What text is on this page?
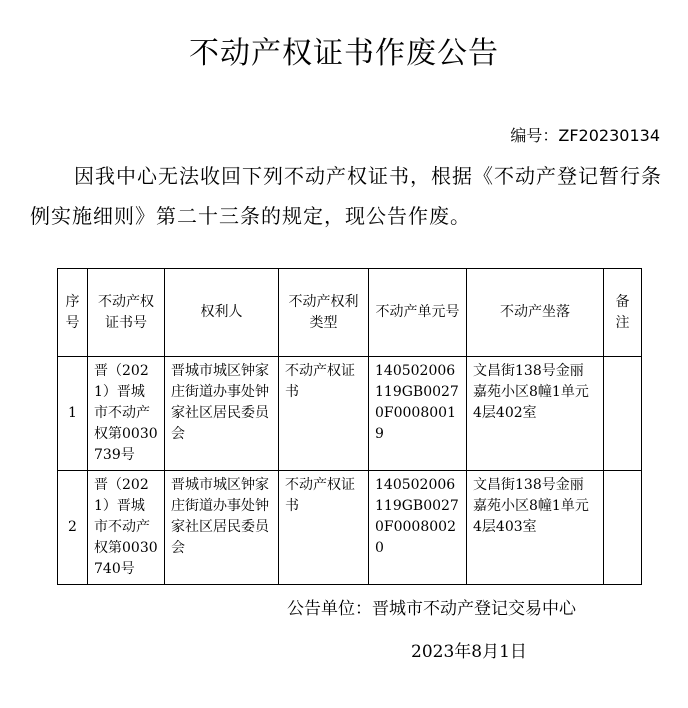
不动产权证书作废公告
编号：ZF20230134
因我中心无法收回下列不动产权证书，根据《不动产登记暂行条例实施细则》第二十三条的规定，现公告作废。
序号	不动产权证书号	权利人	不动产权利类型	不动产单元号	不动产坐落	备注
1	晋（2021）晋城市不动产权第0030739号	晋城市城区钟家庄街道办事处钟家社区居民委员会	不动产权证书	140502006119GB00270F00080019	文昌街138号金丽嘉苑小区8幢1单元4层402室	
2	晋（2021）晋城市不动产权第0030740号	晋城市城区钟家庄街道办事处钟家社区居民委员会	不动产权证书	140502006119GB00270F00080020	文昌街138号金丽嘉苑小区8幢1单元4层403室	
公告单位：晋城市不动产登记交易中心
2023年8月1日
